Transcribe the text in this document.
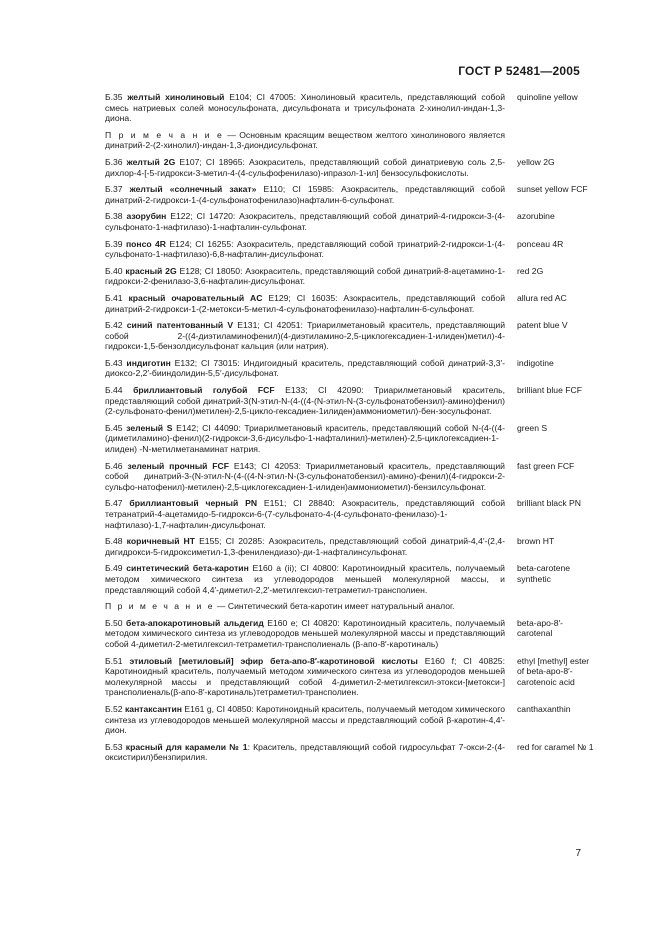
ГОСТ Р 52481—2005
Б.35 желтый хинолиновый E104; CI 47005: Хинолиновый краситель, представляющий собой смесь натриевых солей моносульфоната, дисульфоната и трисульфоната 2-хинолил-индан-1,3-диона.
quinoline yellow
П р и м е ч а н и е — Основным красящим веществом желтого хинолинового является динатрий-2-(2-хинолил)-индан-1,3-диондисульфонат.
Б.36 желтый 2G E107; CI 18965: Азокраситель, представляющий собой динатриевую соль 2,5-дихлор-4-[-5-гидрокси-3-метил-4-(4-сульфофенилазо)-ипразол-1-ил] бензосульфокислоты.
yellow 2G
Б.37 желтый «солнечный закат» E110; CI 15985: Азокраситель, представляющий собой динатрий-2-гидрокси-1-(4-сульфонатофенилазо)нафталин-6-сульфонат.
sunset yellow FCF
Б.38 азорубин E122; CI 14720: Азокраситель, представляющий собой динатрий-4-гидрокси-3-(4-сульфонато-1-нафтилазо)-1-нафталин-сульфонат.
azorubine
Б.39 понсо 4R E124; CI 16255: Азокраситель, представляющий собой тринатрий-2-гидрокси-1-(4-сульфонато-1-нафтилазо)-6,8-нафталин-дисульфонат.
ponceau 4R
Б.40 красный 2G E128; CI 18050: Азокраситель, представляющий собой динатрий-8-ацетамино-1-гидрокси-2-фенилазо-3,6-нафталин-дисульфонат.
red 2G
Б.41 красный очаровательный AC E129; CI 16035: Азокраситель, представляющий собой динатрий-2-гидрокси-1-(2-метокси-5-метил-4-сульфонатофенилазо)-нафталин-6-сульфонат.
allura red AC
Б.42 синий патентованный V E131; CI 42051: Триарилметановый краситель, представляющий собой 2-((4-диэтиламинофенил)(4-диэтиламино-2,5-циклогексадиен-1-илиден)метил)-4-гидрокси-1,5-бензолдисульфонат кальция (или натрия).
patent blue V
Б.43 индиготин E132; CI 73015: Индигоидный краситель, представляющий собой динатрий-3,3′-диоксо-2,2′-бииндолидин-5,5′-дисульфонат.
indigotine
Б.44 бриллиантовый голубой FCF E133; CI 42090: Триарилметановый краситель, представляющий собой динатрий-3(N-этил-N-(4-((4-(N-этил-N-(3-сульфонатобензил)-амино)фенил)(2-сульфонато-фенил)метилен)-2,5-цикло-гексадиен-1илиден)аммониометил)-бен-зосульфонат.
brilliant blue FCF
Б.45 зеленый S E142; CI 44090: Триарилметановый краситель, представляющий собой N-(4-((4-(диметиламино)-фенил)(2-гидрокси-3,6-дисульфо-1-нафталинил)-метилен)-2,5-циклогексадиен-1-илиден) -N-метилметанаминат натрия.
green S
Б.46 зеленый прочный FCF E143; CI 42053: Триарилметановый краситель, представляющий собой динатрий-3-(N-этил-N-(4-((4-N-этил-N-(3-сульфонатобензил)-амино)-фенил)(4-гидрокси-2-сульфо-натофенил)-метилен)-2,5-циклогексадиен-1-илиден)аммониометил)-бензилсульфонат.
fast green FCF
Б.47 бриллиантовый черный PN E151; CI 28840: Азокраситель, представляющий собой тетранатрий-4-ацетамидо-5-гидрокси-6-(7-сульфонато-4-(4-сульфонато-фенилазо)-1-нафтилазо)-1,7-нафталин-дисульфонат.
brilliant black PN
Б.48 коричневый HT E155; CI 20285: Азокраситель, представляющий собой динатрий-4,4′-(2,4-дигидрокси-5-гидроксиметил-1,3-фенилендиазо)-ди-1-нафталинсульфонат.
brown HT
Б.49 синтетический бета-каротин E160 a (ii); CI 40800: Каротиноидный краситель, получаемый методом химического синтеза из углеводородов меньшей молекулярной массы, и представляющий собой 4,4′-диметил-2,2′-метилгексил-тетраметил-трансполиен.
beta-carotene synthetic
П р и м е ч а н и е — Синтетический бета-каротин имеет натуральный аналог.
Б.50 бета-апокаротиновый альдегид E160 e; CI 40820: Каротиноидный краситель, получаемый методом химического синтеза из углеводородов меньшей молекулярной массы и представляющий собой 4-диметил-2-метилгексил-тетраметил-трансполиеналь (β-апо-8′-каротиналь)
beta-apo-8′-carotenal
Б.51 этиловый [метиловый] эфир бета-апо-8′-каротиновой кислоты E160 f; CI 40825: Каротиноидный краситель, получаемый методом химического синтеза из углеводородов меньшей молекулярной массы и представляющий собой 4-диметил-2-метилгексил-этокси-[метокси-] трансполиеналь(β-апо-8′-каротиналь)тетраметил-трансполиен.
ethyl [methyl] ester of beta-apo-8′-carotenoic acid
Б.52 кантаксантин E161 g, CI 40850: Каротиноидный краситель, получаемый методом химического синтеза из углеводородов меньшей молекулярной массы и представляющий собой β-каротин-4,4′-дион.
canthaxanthin
Б.53 красный для карамели № 1: Краситель, представляющий собой гидросульфат 7-окси-2-(4-оксистирил)бензпирилия.
red for caramel № 1
7
